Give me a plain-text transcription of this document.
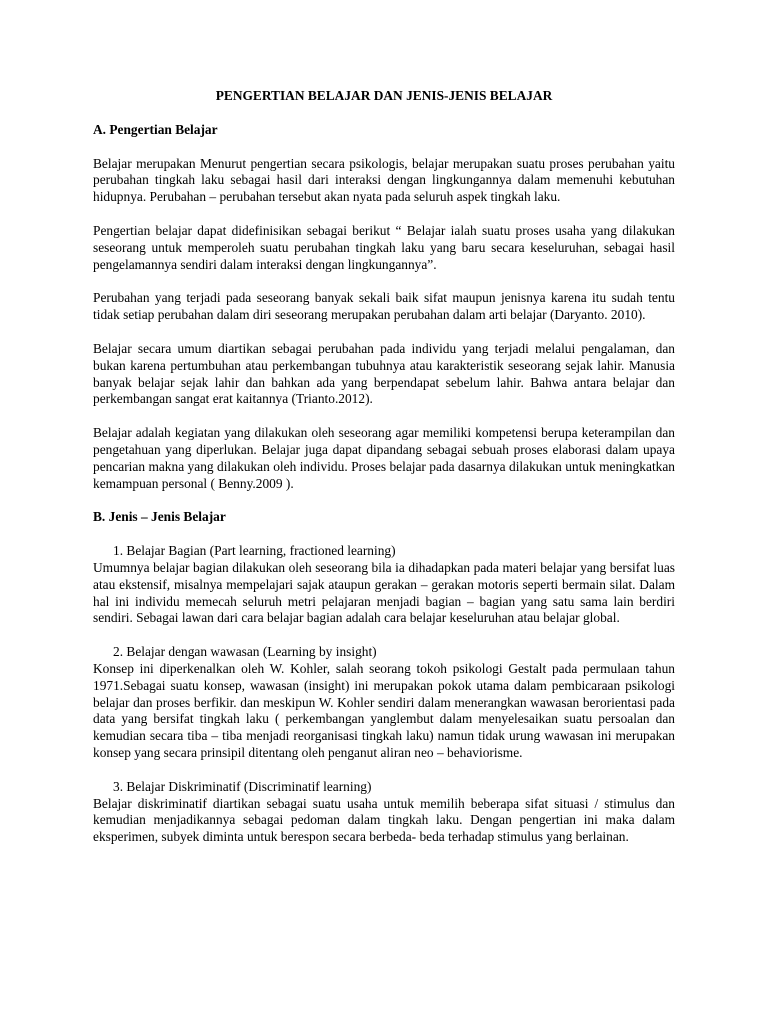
PENGERTIAN BELAJAR DAN JENIS-JENIS BELAJAR

A. Pengertian Belajar

Belajar merupakan Menurut pengertian secara psikologis, belajar merupakan suatu proses perubahan yaitu perubahan tingkah laku sebagai hasil dari interaksi dengan lingkungannya dalam memenuhi kebutuhan hidupnya. Perubahan – perubahan tersebut akan nyata pada seluruh aspek tingkah laku.

Pengertian belajar dapat didefinisikan sebagai berikut “ Belajar ialah suatu proses usaha yang dilakukan seseorang untuk memperoleh suatu perubahan tingkah laku yang baru secara keseluruhan, sebagai hasil pengelamannya sendiri dalam interaksi dengan lingkungannya”.

Perubahan yang terjadi pada seseorang banyak sekali baik sifat maupun jenisnya karena itu sudah tentu tidak setiap perubahan dalam diri seseorang merupakan perubahan dalam arti belajar (Daryanto. 2010).

Belajar secara umum diartikan sebagai perubahan pada individu yang terjadi melalui pengalaman, dan bukan karena pertumbuhan atau perkembangan tubuhnya atau karakteristik seseorang sejak lahir. Manusia banyak belajar sejak lahir dan bahkan ada yang berpendapat sebelum lahir. Bahwa antara belajar dan perkembangan sangat erat kaitannya (Trianto.2012).

Belajar adalah kegiatan yang dilakukan oleh seseorang agar memiliki kompetensi berupa keterampilan dan pengetahuan yang diperlukan. Belajar juga dapat dipandang sebagai sebuah proses elaborasi dalam upaya pencarian makna yang dilakukan oleh individu. Proses belajar pada dasarnya dilakukan untuk meningkatkan kemampuan personal ( Benny.2009 ).

B. Jenis – Jenis Belajar

1. Belajar Bagian (Part learning, fractioned learning)

Umumnya belajar bagian dilakukan oleh seseorang bila ia dihadapkan pada materi belajar yang bersifat luas atau ekstensif, misalnya mempelajari sajak ataupun gerakan – gerakan motoris seperti bermain silat. Dalam hal ini individu memecah seluruh metri pelajaran menjadi bagian – bagian yang satu sama lain berdiri sendiri. Sebagai lawan dari cara belajar bagian adalah cara belajar keseluruhan atau belajar global.

2. Belajar dengan wawasan (Learning by insight)

Konsep ini diperkenalkan oleh W. Kohler, salah seorang tokoh psikologi Gestalt pada permulaan tahun 1971.Sebagai suatu konsep, wawasan (insight) ini merupakan pokok utama dalam pembicaraan psikologi belajar dan proses berfikir. dan meskipun W. Kohler sendiri dalam menerangkan wawasan berorientasi pada data yang bersifat tingkah laku ( perkembangan yanglembut dalam menyelesaikan suatu persoalan dan kemudian secara tiba – tiba menjadi reorganisasi tingkah laku) namun tidak urung wawasan ini merupakan konsep yang secara prinsipil ditentang oleh penganut aliran neo – behaviorisme.

3. Belajar Diskriminatif (Discriminatif learning)

Belajar diskriminatif diartikan sebagai suatu usaha untuk memilih beberapa sifat situasi / stimulus dan kemudian menjadikannya sebagai pedoman dalam tingkah laku. Dengan pengertian ini maka dalam eksperimen, subyek diminta untuk berespon secara berbeda- beda terhadap stimulus yang berlainan.
